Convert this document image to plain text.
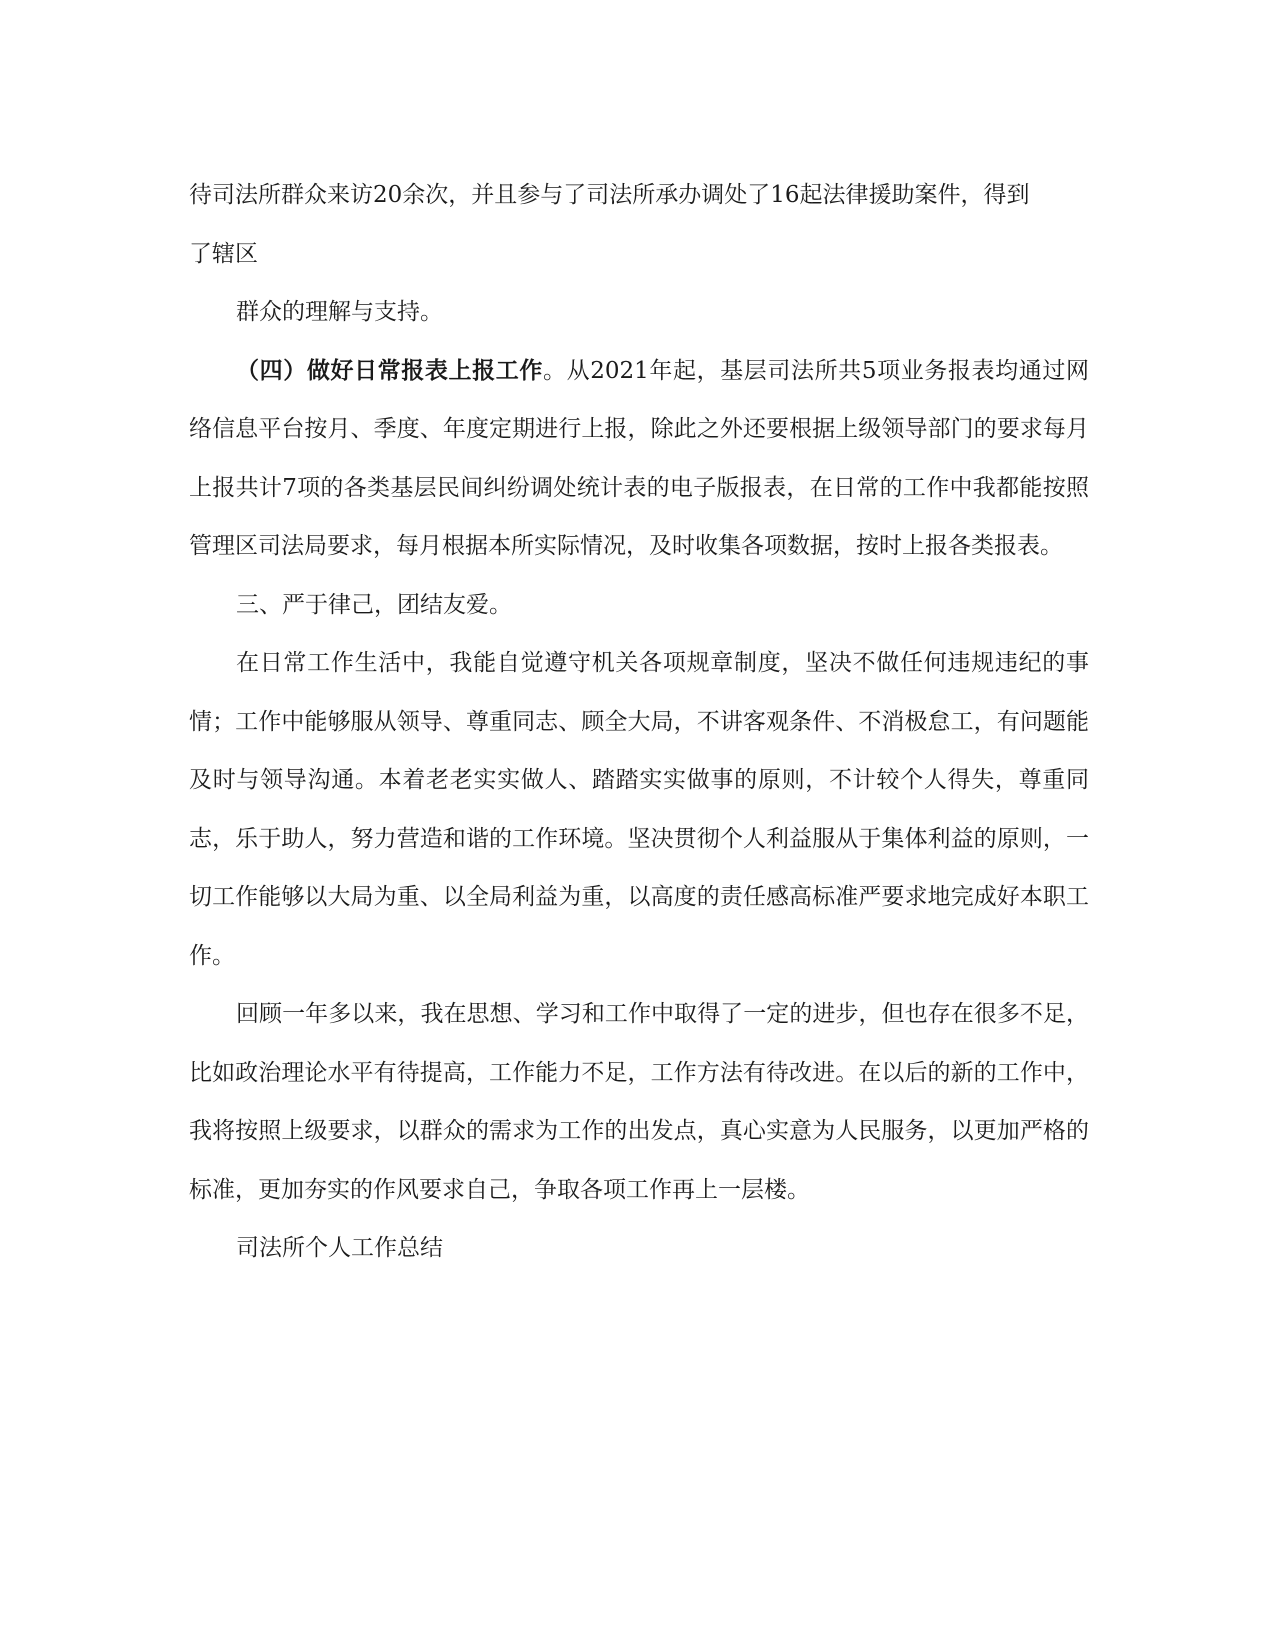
待司法所群众来访20余次，并且参与了司法所承办调处了16起法律援助案件，得到

了辖区

群众的理解与支持。

（四）做好日常报表上报工作。从2021年起，基层司法所共5项业务报表均通过网络信息平台按月、季度、年度定期进行上报，除此之外还要根据上级领导部门的要求每月上报共计7项的各类基层民间纠纷调处统计表的电子版报表，在日常的工作中我都能按照管理区司法局要求，每月根据本所实际情况，及时收集各项数据，按时上报各类报表。

三、严于律己，团结友爱。

在日常工作生活中，我能自觉遵守机关各项规章制度，坚决不做任何违规违纪的事情；工作中能够服从领导、尊重同志、顾全大局，不讲客观条件、不消极怠工，有问题能及时与领导沟通。本着老老实实做人、踏踏实实做事的原则，不计较个人得失，尊重同志，乐于助人，努力营造和谐的工作环境。坚决贯彻个人利益服从于集体利益的原则，一切工作能够以大局为重、以全局利益为重，以高度的责任感高标准严要求地完成好本职工作。

回顾一年多以来，我在思想、学习和工作中取得了一定的进步，但也存在很多不足，比如政治理论水平有待提高，工作能力不足，工作方法有待改进。在以后的新的工作中，我将按照上级要求，以群众的需求为工作的出发点，真心实意为人民服务，以更加严格的标准，更加夯实的作风要求自己，争取各项工作再上一层楼。

司法所个人工作总结
